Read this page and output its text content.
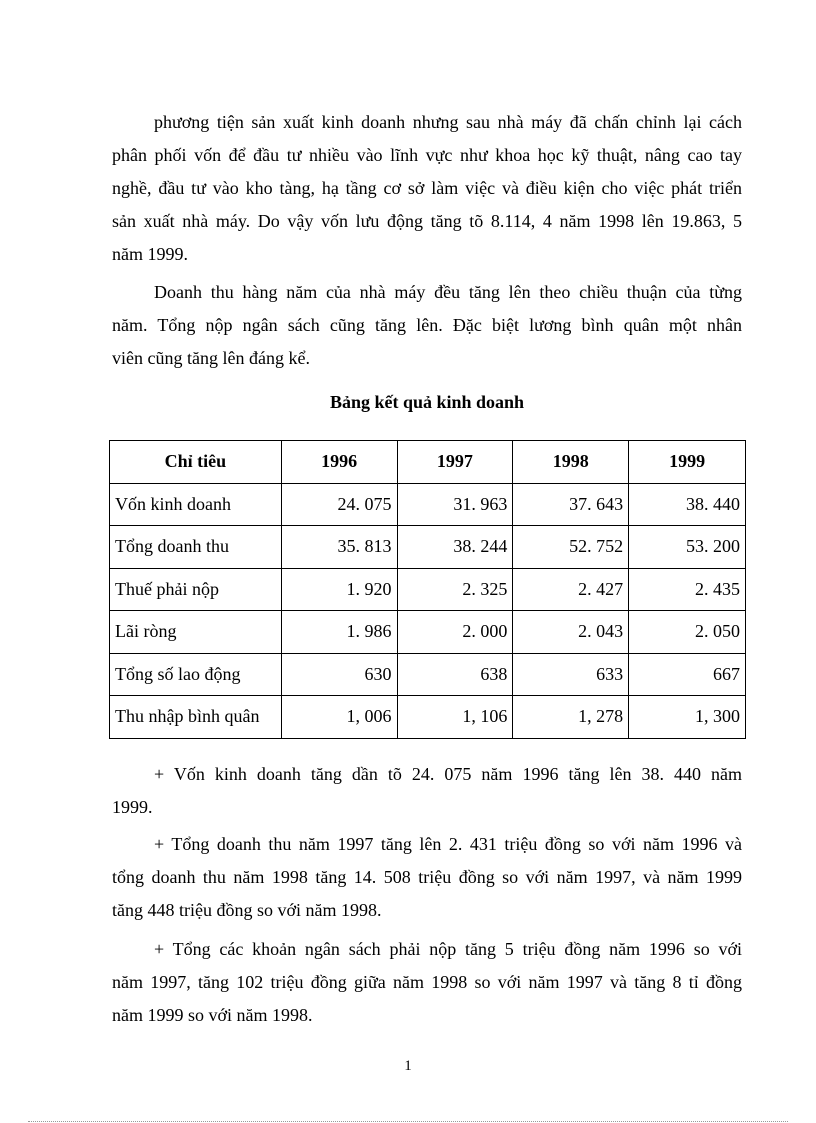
phương tiện sản xuất kinh doanh nhưng sau nhà máy đã chấn chỉnh lại cách
phân phối vốn để đầu tư nhiều vào lĩnh vực như khoa học kỹ thuật, nâng cao tay
nghề, đầu tư vào kho tàng, hạ tầng cơ sở làm việc và điều kiện cho việc phát triển
sản xuất nhà máy. Do vậy vốn lưu động tăng tõ 8.114, 4 năm 1998 lên 19.863, 5
năm 1999.
Doanh thu hàng năm của nhà máy đều tăng lên theo chiều thuận của từng
năm. Tổng nộp ngân sách cũng tăng lên. Đặc biệt lương bình quân một nhân
viên cũng tăng lên đáng kể.
Bảng kết quả kinh doanh
Chỉ tiêu	1996	1997	1998	1999
Vốn kinh doanh	24. 075	31. 963	37. 643	38. 440
Tổng doanh thu	35. 813	38. 244	52. 752	53. 200
Thuế phải nộp	1. 920	2. 325	2. 427	2. 435
Lãi ròng	1. 986	2. 000	2. 043	2. 050
Tổng số lao động	630	638	633	667
Thu nhập bình quân	1, 006	1, 106	1, 278	1, 300
+ Vốn kinh doanh tăng dần tõ 24. 075 năm 1996 tăng lên 38. 440 năm
1999.
+ Tổng doanh thu năm 1997 tăng lên 2. 431 triệu đồng so với năm 1996 và
tổng doanh thu năm 1998 tăng 14. 508 triệu đồng so với năm 1997, và năm 1999
tăng 448 triệu đồng so với năm 1998.
+ Tổng các khoản ngân sách phải nộp tăng 5 triệu đồng năm 1996 so với
năm 1997, tăng 102 triệu đồng giữa năm 1998 so với năm 1997 và tăng 8 tỉ đồng
năm 1999 so với năm 1998.
1
